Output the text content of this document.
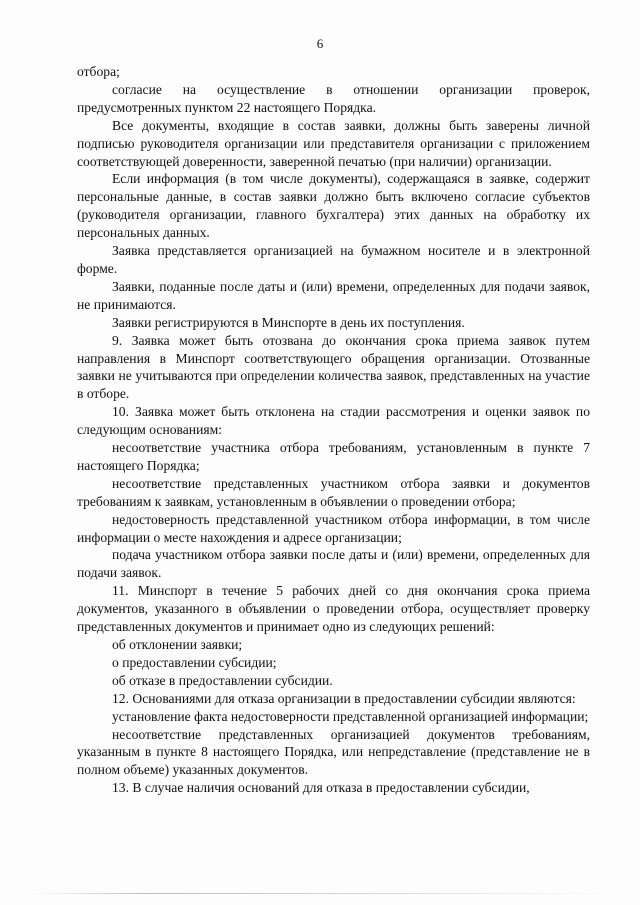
6

отбора;

согласие на осуществление в отношении организации проверок, предусмотренных пунктом 22 настоящего Порядка.

Все документы, входящие в состав заявки, должны быть заверены личной подписью руководителя организации или представителя организации с приложением соответствующей доверенности, заверенной печатью (при наличии) организации.

Если информация (в том числе документы), содержащаяся в заявке, содержит персональные данные, в состав заявки должно быть включено согласие субъектов (руководителя организации, главного бухгалтера) этих данных на обработку их персональных данных.

Заявка представляется организацией на бумажном носителе и в электронной форме.

Заявки, поданные после даты и (или) времени, определенных для подачи заявок, не принимаются.

Заявки регистрируются в Минспорте в день их поступления.

9. Заявка может быть отозвана до окончания срока приема заявок путем направления в Минспорт соответствующего обращения организации. Отозванные заявки не учитываются при определении количества заявок, представленных на участие в отборе.

10. Заявка может быть отклонена на стадии рассмотрения и оценки заявок по следующим основаниям:

несоответствие участника отбора требованиям, установленным в пункте 7 настоящего Порядка;

несоответствие представленных участником отбора заявки и документов требованиям к заявкам, установленным в объявлении о проведении отбора;

недостоверность представленной участником отбора информации, в том числе информации о месте нахождения и адресе организации;

подача участником отбора заявки после даты и (или) времени, определенных для подачи заявок.

11. Минспорт в течение 5 рабочих дней со дня окончания срока приема документов, указанного в объявлении о проведении отбора, осуществляет проверку представленных документов и принимает одно из следующих решений:

об отклонении заявки;

о предоставлении субсидии;

об отказе в предоставлении субсидии.

12. Основаниями для отказа организации в предоставлении субсидии являются:

установление факта недостоверности представленной организацией информации;

несоответствие представленных организацией документов требованиям, указанным в пункте 8 настоящего Порядка, или непредставление (представление не в полном объеме) указанных документов.

13. В случае наличия оснований для отказа в предоставлении субсидии,
